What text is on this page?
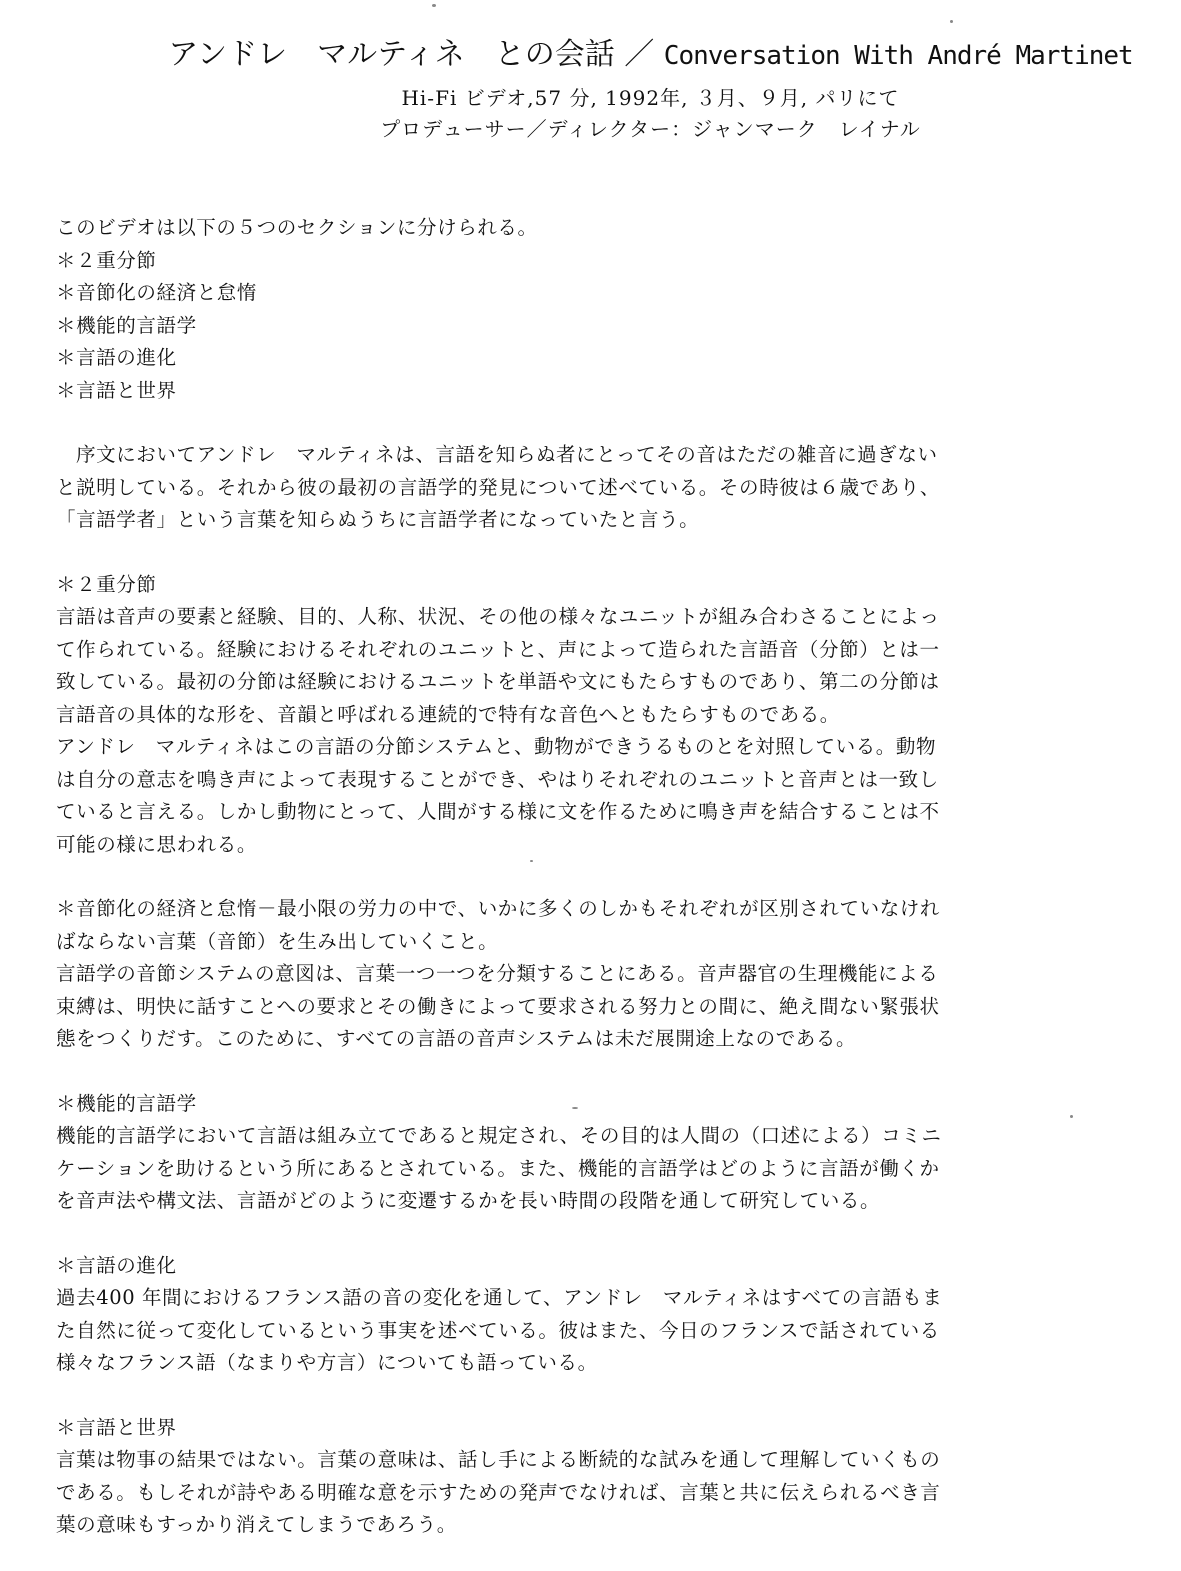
アンドレ　マルティネ　との会話 ／ Conversation With André Martinet
Hi-Fi ビデオ,57 分, 1992年, ３月、９月, パリにて
プロデューサー／ディレクター：ジャンマーク　レイナル
このビデオは以下の５つのセクションに分けられる。
＊２重分節
＊音節化の経済と怠惰
＊機能的言語学
＊言語の進化
＊言語と世界
序文においてアンドレ　マルティネは、言語を知らぬ者にとってその音はただの雑音に過ぎない
と説明している。それから彼の最初の言語学的発見について述べている。その時彼は６歳であり、
「言語学者」という言葉を知らぬうちに言語学者になっていたと言う。
＊２重分節
言語は音声の要素と経験、目的、人称、状況、その他の様々なユニットが組み合わさることによっ
て作られている。経験におけるそれぞれのユニットと、声によって造られた言語音（分節）とは一
致している。最初の分節は経験におけるユニットを単語や文にもたらすものであり、第二の分節は
言語音の具体的な形を、音韻と呼ばれる連続的で特有な音色へともたらすものである。
アンドレ　マルティネはこの言語の分節システムと、動物ができうるものとを対照している。動物
は自分の意志を鳴き声によって表現することができ、やはりそれぞれのユニットと音声とは一致し
ていると言える。しかし動物にとって、人間がする様に文を作るために鳴き声を結合することは不
可能の様に思われる。
＊音節化の経済と怠惰－最小限の労力の中で、いかに多くのしかもそれぞれが区別されていなけれ
ばならない言葉（音節）を生み出していくこと。
言語学の音節システムの意図は、言葉一つ一つを分類することにある。音声器官の生理機能による
束縛は、明快に話すことへの要求とその働きによって要求される努力との間に、絶え間ない緊張状
態をつくりだす。このために、すべての言語の音声システムは未だ展開途上なのである。
＊機能的言語学
機能的言語学において言語は組み立てであると規定され、その目的は人間の（口述による）コミニ
ケーションを助けるという所にあるとされている。また、機能的言語学はどのように言語が働くか
を音声法や構文法、言語がどのように変遷するかを長い時間の段階を通して研究している。
＊言語の進化
過去400 年間におけるフランス語の音の変化を通して、アンドレ　マルティネはすべての言語もま
た自然に従って変化しているという事実を述べている。彼はまた、今日のフランスで話されている
様々なフランス語（なまりや方言）についても語っている。
＊言語と世界
言葉は物事の結果ではない。言葉の意味は、話し手による断続的な試みを通して理解していくもの
である。もしそれが詩やある明確な意を示すための発声でなければ、言葉と共に伝えられるべき言
葉の意味もすっかり消えてしまうであろう。
